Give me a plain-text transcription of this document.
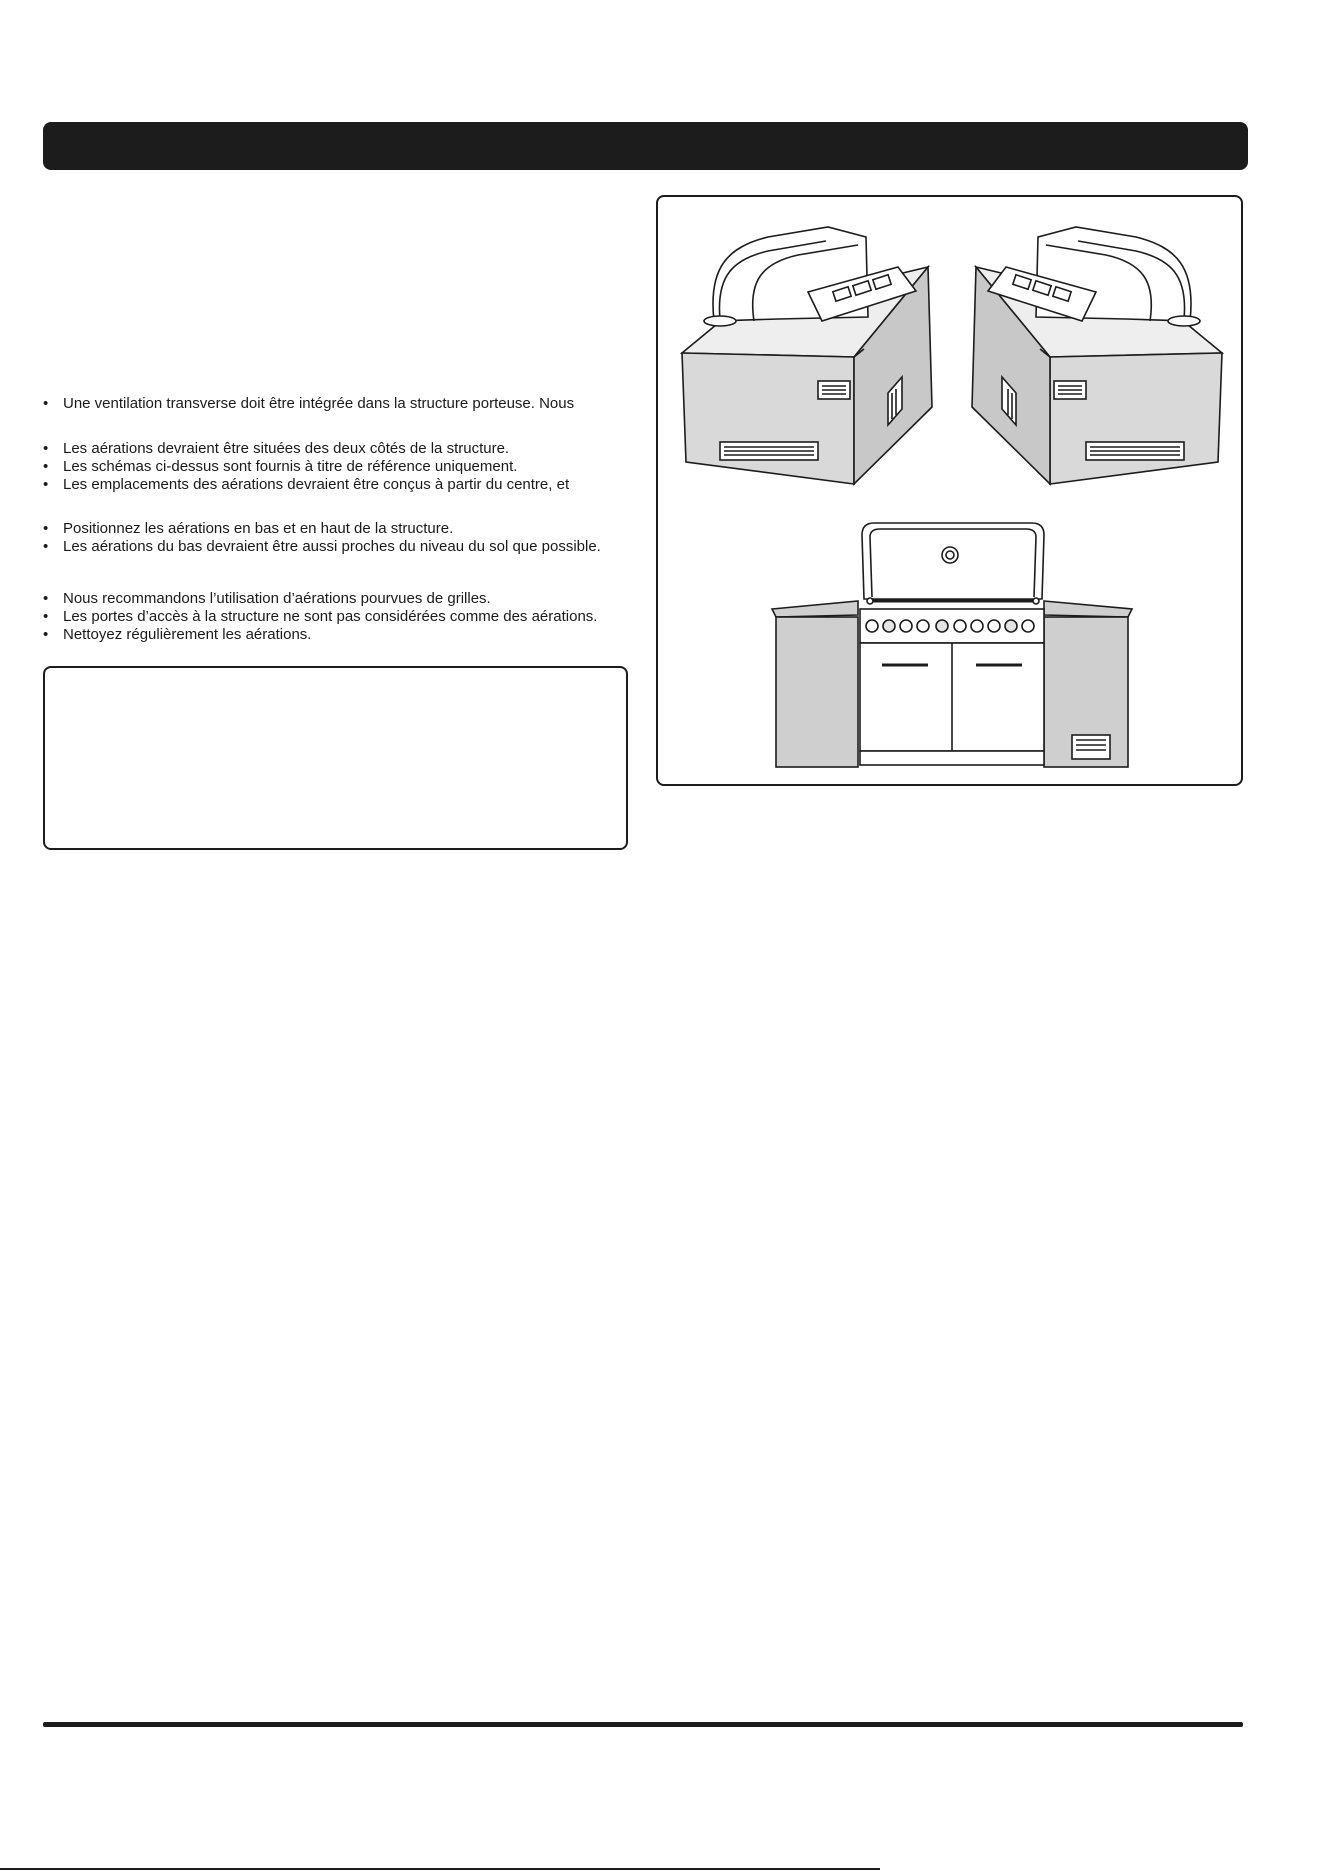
• Une ventilation transverse doit être intégrée dans la structure porteuse. Nous
• Les aérations devraient être situées des deux côtés de la structure.
• Les schémas ci-dessus sont fournis à titre de référence uniquement.
• Les emplacements des aérations devraient être conçus à partir du centre, et
• Positionnez les aérations en bas et en haut de la structure.
• Les aérations du bas devraient être aussi proches du niveau du sol que possible.
• Nous recommandons l’utilisation d’aérations pourvues de grilles.
• Les portes d’accès à la structure ne sont pas considérées comme des aérations.
• Nettoyez régulièrement les aérations.
